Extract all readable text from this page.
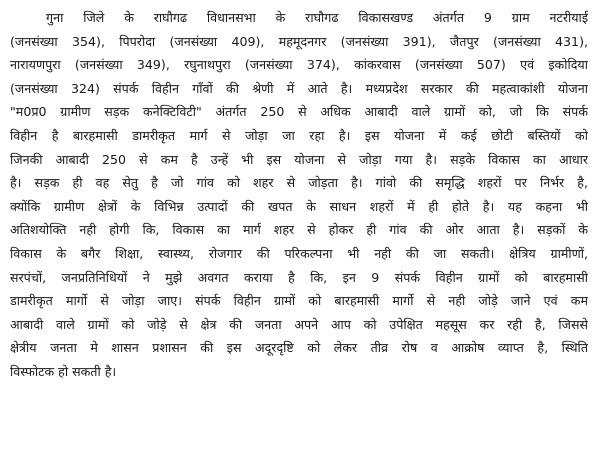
गुना जिले के राघौगढ विधानसभा के राघौगढ विकासखण्ड अंतर्गत 9 ग्राम नटरीयाई
(जनसंख्या 354), पिपरोदा (जनसंख्या 409), महमूदनगर (जनसंख्या 391), जैतपुर (जनसंख्या 431),
नारायणपुरा (जनसंख्या 349), रघुनाथपुरा (जनसंख्या 374), कांकरवास (जनसंख्या 507) एवं इकोदिया
(जनसंख्या 324) संपर्क विहीन गाँवों की श्रेणी में आते है। मध्यप्रदेश सरकार की महत्वाकांशी योजना
"म0प्र0 ग्रामीण सड़क कनेक्टिविटी" अंतर्गत 250 से अधिक आबादी वाले ग्रामों को, जो कि संपर्क
विहीन है बारहमासी डामरीकृत मार्ग से जोड़ा जा रहा है। इस योजना में कई छोटी बस्तियों को
जिनकी आबादी 250 से कम है उन्हें भी इस योजना से जोड़ा गया है। सड़के विकास का आधार
है। सड़क ही वह सेतु है जो गांव को शहर से जोड़ता है। गांवो की समृद्धि शहरों पर निर्भर है,
क्योंकि ग्रामीण क्षेत्रों के विभिन्न उत्पादों की खपत के साधन शहरों में ही होते है। यह कहना भी
अतिशयोक्ति नही होगी कि, विकास का मार्ग शहर से होकर ही गांव की ओर आता है। सड़कों के
विकास के बगैर शिक्षा, स्वास्थ्य, रोजगार की परिकल्पना भी नही की जा सकती। क्षेत्रिय ग्रामीणों,
सरपंचों, जनप्रतिनिधियों ने मुझे अवगत कराया है कि, इन 9 संपर्क विहीन ग्रामों को बारहमासी
डामरीकृत मार्गो से जोड़ा जाए। संपर्क विहीन ग्रामों को बारहमासी मार्गो से नही जोड़े जाने एवं कम
आबादी वाले ग्रामों को जोड़े से क्षेत्र की जनता अपने आप को उपेक्षित महसूस कर रही है, जिससे
क्षेत्रीय जनता मे शासन प्रशासन की इस अदूरदृष्टि को लेकर तीव्र रोष व आक्रोष व्याप्त है, स्थिति
विस्फोटक हो सकती है।
